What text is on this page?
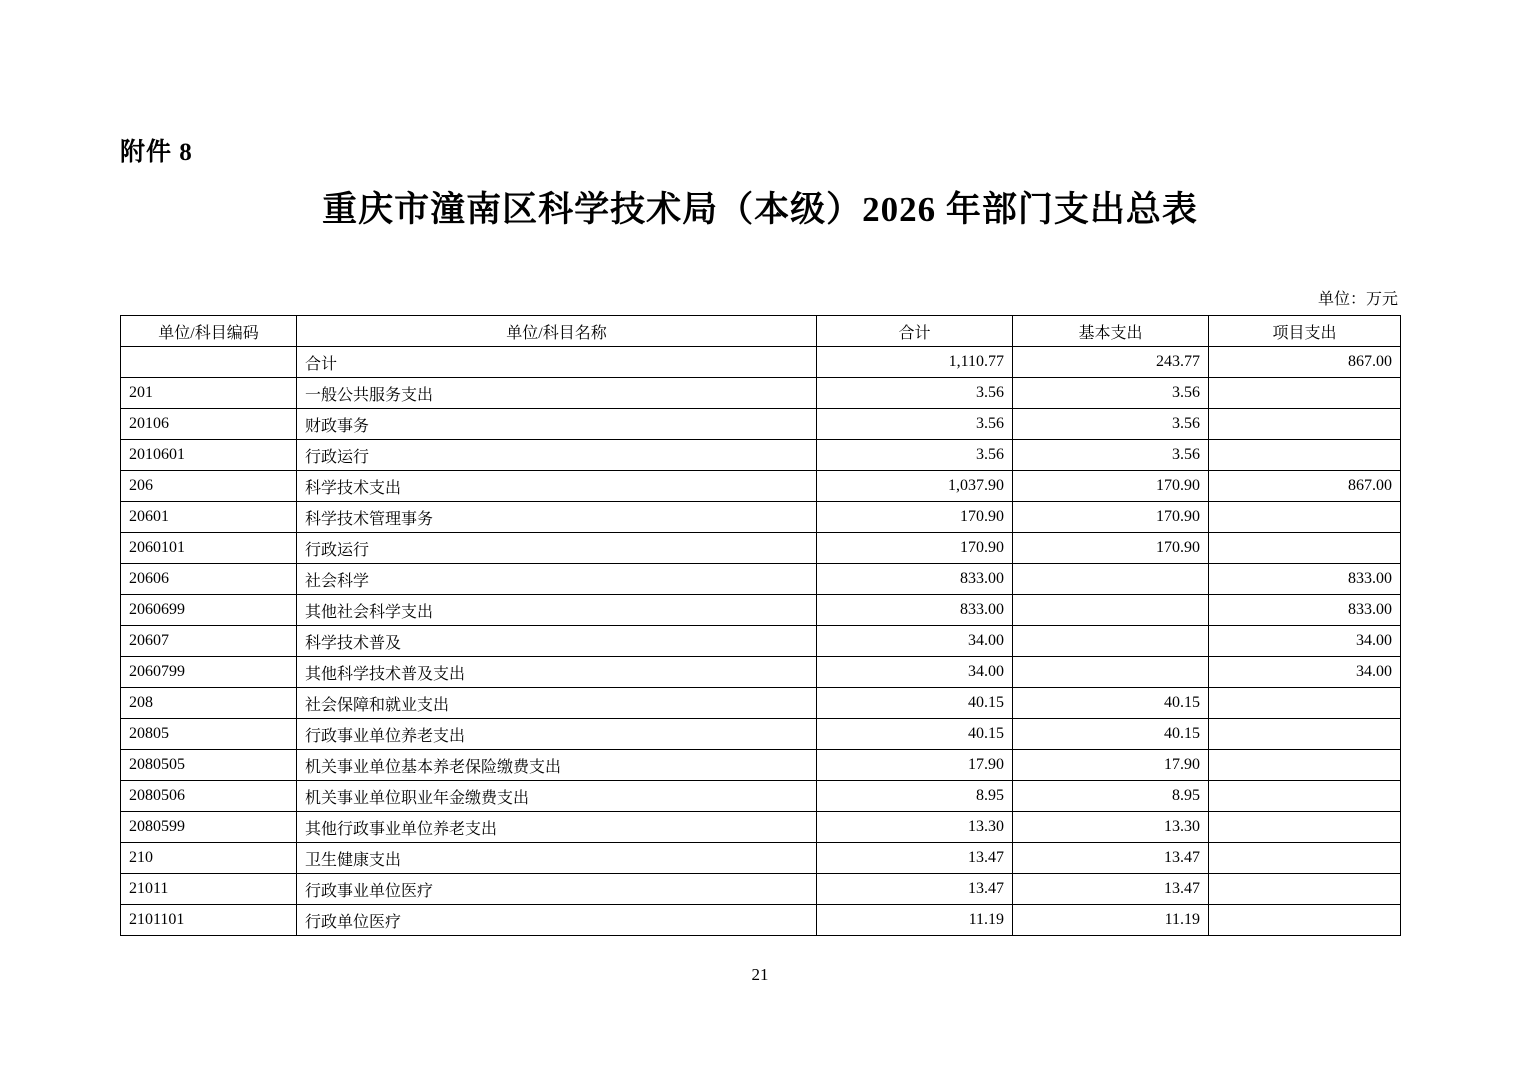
附件 8
重庆市潼南区科学技术局（本级）2026 年部门支出总表
单位：万元
单位/科目编码	单位/科目名称	合计	基本支出	项目支出
	合计	1,110.77	243.77	867.00
201	一般公共服务支出	3.56	3.56	
20106	财政事务	3.56	3.56	
2010601	行政运行	3.56	3.56	
206	科学技术支出	1,037.90	170.90	867.00
20601	科学技术管理事务	170.90	170.90	
2060101	行政运行	170.90	170.90	
20606	社会科学	833.00		833.00
2060699	其他社会科学支出	833.00		833.00
20607	科学技术普及	34.00		34.00
2060799	其他科学技术普及支出	34.00		34.00
208	社会保障和就业支出	40.15	40.15	
20805	行政事业单位养老支出	40.15	40.15	
2080505	机关事业单位基本养老保险缴费支出	17.90	17.90	
2080506	机关事业单位职业年金缴费支出	8.95	8.95	
2080599	其他行政事业单位养老支出	13.30	13.30	
210	卫生健康支出	13.47	13.47	
21011	行政事业单位医疗	13.47	13.47	
2101101	行政单位医疗	11.19	11.19	
21
